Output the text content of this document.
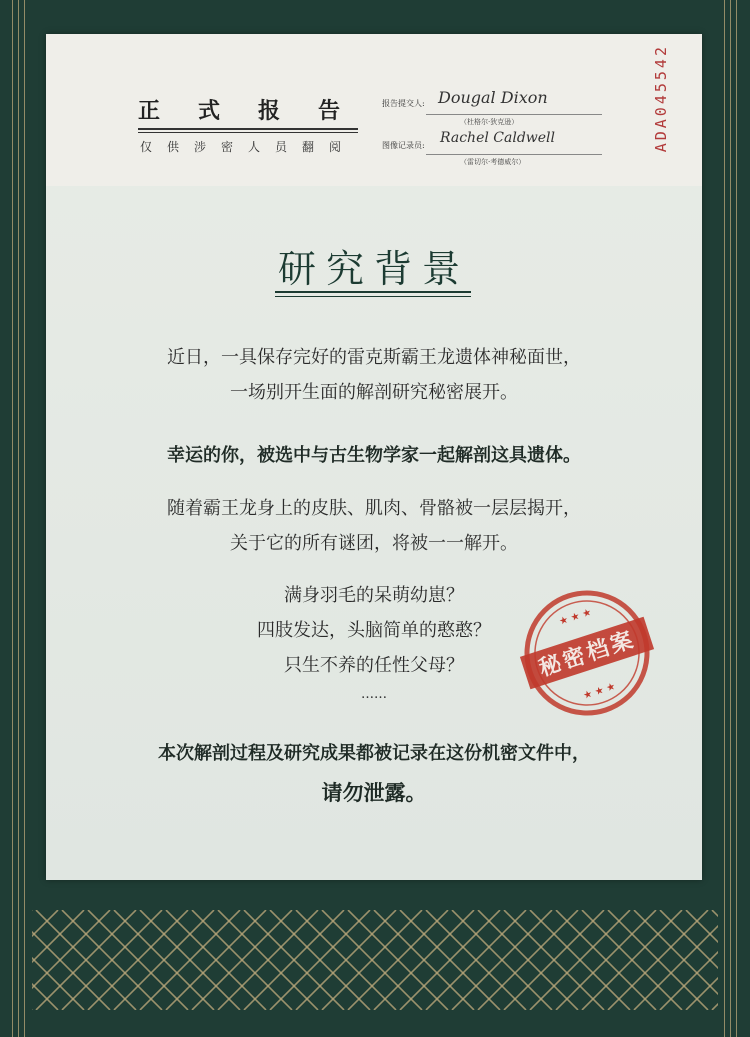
正式报告
仅供涉密人员翻阅
报告提交人: Dougal Dixon
（杜格尔·狄克逊）
图像记录员: Rachel Caldwell
（雷切尔·考德威尔）
ADA045542
研究背景
近日，一具保存完好的雷克斯霸王龙遗体神秘面世，
一场别开生面的解剖研究秘密展开。
幸运的你，被选中与古生物学家一起解剖这具遗体。
随着霸王龙身上的皮肤、肌肉、骨骼被一层层揭开，
关于它的所有谜团，将被一一解开。
满身羽毛的呆萌幼崽？
四肢发达，头脑简单的憨憨？
只生不养的任性父母？
……
本次解剖过程及研究成果都被记录在这份机密文件中，
请勿泄露。
★ ★ ★
★ ★ ★
秘密档案
